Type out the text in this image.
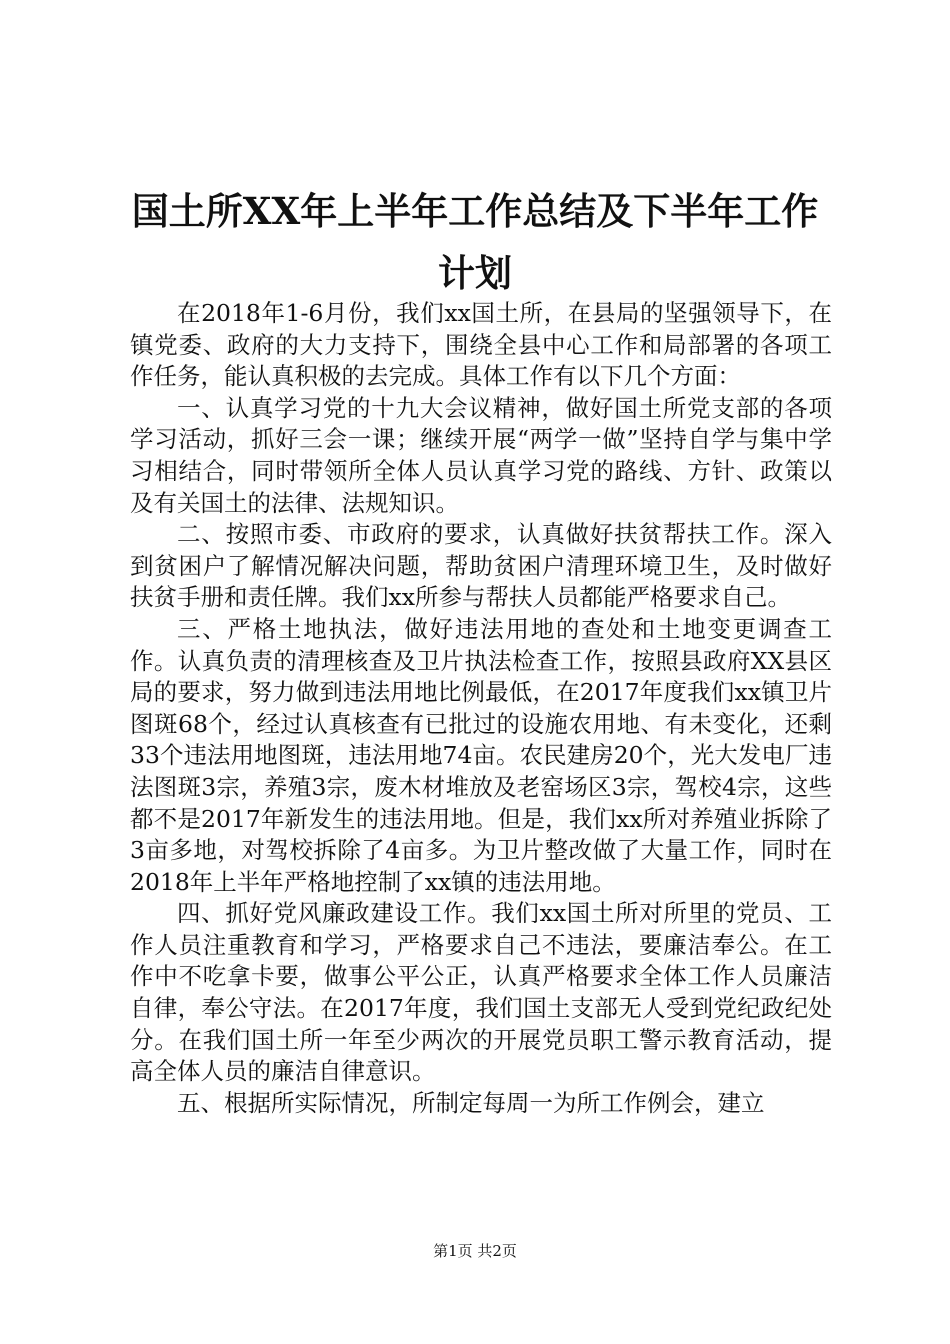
国土所XX年上半年工作总结及下半年工作计划

在2018年1-6月份，我们xx国土所，在县局的坚强领导下，在镇党委、政府的大力支持下，围绕全县中心工作和局部署的各项工作任务，能认真积极的去完成。具体工作有以下几个方面：

一、认真学习党的十九大会议精神，做好国土所党支部的各项学习活动，抓好三会一课；继续开展“两学一做”坚持自学与集中学习相结合，同时带领所全体人员认真学习党的路线、方针、政策以及有关国土的法律、法规知识。

二、按照市委、市政府的要求，认真做好扶贫帮扶工作。深入到贫困户了解情况解决问题，帮助贫困户清理环境卫生，及时做好扶贫手册和责任牌。我们xx所参与帮扶人员都能严格要求自己。

三、严格土地执法，做好违法用地的查处和土地变更调查工作。认真负责的清理核查及卫片执法检查工作，按照县政府XX县区局的要求，努力做到违法用地比例最低，在2017年度我们xx镇卫片图斑68个，经过认真核查有已批过的设施农用地、有未变化，还剩33个违法用地图斑，违法用地74亩。农民建房20个，光大发电厂违法图斑3宗，养殖3宗，废木材堆放及老窑场区3宗，驾校4宗，这些都不是2017年新发生的违法用地。但是，我们xx所对养殖业拆除了3亩多地，对驾校拆除了4亩多。为卫片整改做了大量工作，同时在2018年上半年严格地控制了xx镇的违法用地。

四、抓好党风廉政建设工作。我们xx国土所对所里的党员、工作人员注重教育和学习，严格要求自己不违法，要廉洁奉公。在工作中不吃拿卡要，做事公平公正，认真严格要求全体工作人员廉洁自律，奉公守法。在2017年度，我们国土支部无人受到党纪政纪处分。在我们国土所一年至少两次的开展党员职工警示教育活动，提高全体人员的廉洁自律意识。

五、根据所实际情况，所制定每周一为所工作例会，建立

第1页 共2页
